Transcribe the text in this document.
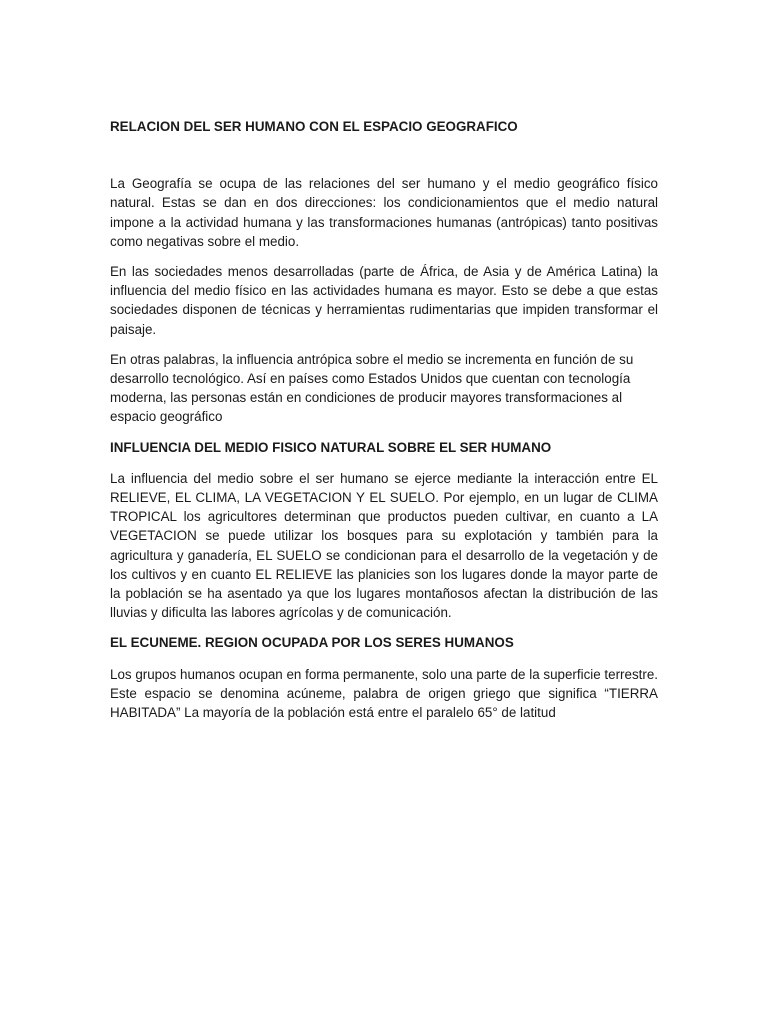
RELACION DEL SER HUMANO CON EL ESPACIO GEOGRAFICO

La Geografía se ocupa de las relaciones del ser humano y el medio geográfico físico natural. Estas se dan en dos direcciones: los condicionamientos que el medio natural impone a la actividad humana y las transformaciones humanas (antrópicas) tanto positivas como negativas sobre el medio.

En las sociedades menos desarrolladas (parte de África, de Asia y de América Latina) la influencia del medio físico en las actividades humana es mayor. Esto se debe a que estas sociedades disponen de técnicas y herramientas rudimentarias que impiden transformar el paisaje.

En otras palabras, la influencia antrópica sobre el medio se incrementa en función de su desarrollo tecnológico. Así en países como Estados Unidos que cuentan con tecnología moderna, las personas están en condiciones de producir mayores transformaciones al espacio geográfico

INFLUENCIA DEL MEDIO FISICO NATURAL SOBRE EL SER HUMANO

La influencia del medio sobre el ser humano se ejerce mediante la interacción entre EL RELIEVE, EL CLIMA, LA VEGETACION Y EL SUELO. Por ejemplo, en un lugar de CLIMA TROPICAL los agricultores determinan que productos pueden cultivar, en cuanto a LA VEGETACION se puede utilizar los bosques para su explotación y también para la agricultura y ganadería, EL SUELO se condicionan para el desarrollo de la vegetación y de los cultivos y en cuanto EL RELIEVE las planicies son los lugares donde la mayor parte de la población se ha asentado ya que los lugares montañosos afectan la distribución de las lluvias y dificulta las labores agrícolas y de comunicación.

EL ECUNEME. REGION OCUPADA POR LOS SERES HUMANOS

Los grupos humanos ocupan en forma permanente, solo una parte de la superficie terrestre. Este espacio se denomina acúneme, palabra de origen griego que significa “TIERRA HABITADA” La mayoría de la población está entre el paralelo 65° de latitud
